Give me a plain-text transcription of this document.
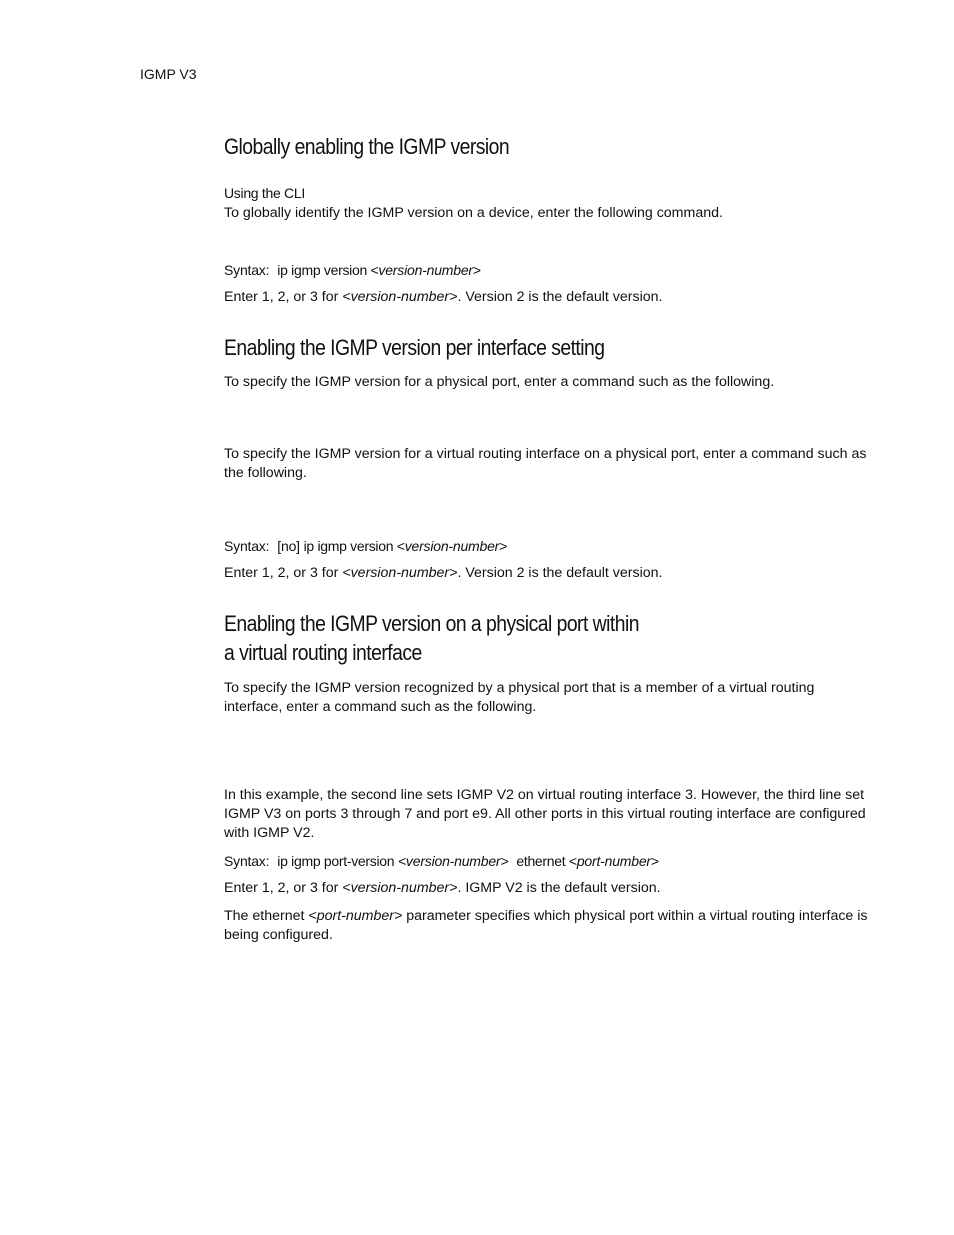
IGMP V3
Globally enabling the IGMP version

Using the CLI

To globally identify the IGMP version on a device, enter the following command.

Syntax: ip igmp version <version-number>

Enter 1, 2, or 3 for <version-number>. Version 2 is the default version.

Enabling the IGMP version per interface setting

To specify the IGMP version for a physical port, enter a command such as the following.

To specify the IGMP version for a virtual routing interface on a physical port, enter a command such as the following.

Syntax: [no] ip igmp version <version-number>

Enter 1, 2, or 3 for <version-number>. Version 2 is the default version.

Enabling the IGMP version on a physical port within
a virtual routing interface

To specify the IGMP version recognized by a physical port that is a member of a virtual routing interface, enter a command such as the following.

In this example, the second line sets IGMP V2 on virtual routing interface 3. However, the third line set IGMP V3 on ports 3 through 7 and port e9. All other ports in this virtual routing interface are configured with IGMP V2.

Syntax: ip igmp port-version <version-number> ethernet <port-number>

Enter 1, 2, or 3 for <version-number>. IGMP V2 is the default version.

The ethernet <port-number> parameter specifies which physical port within a virtual routing interface is being configured.
